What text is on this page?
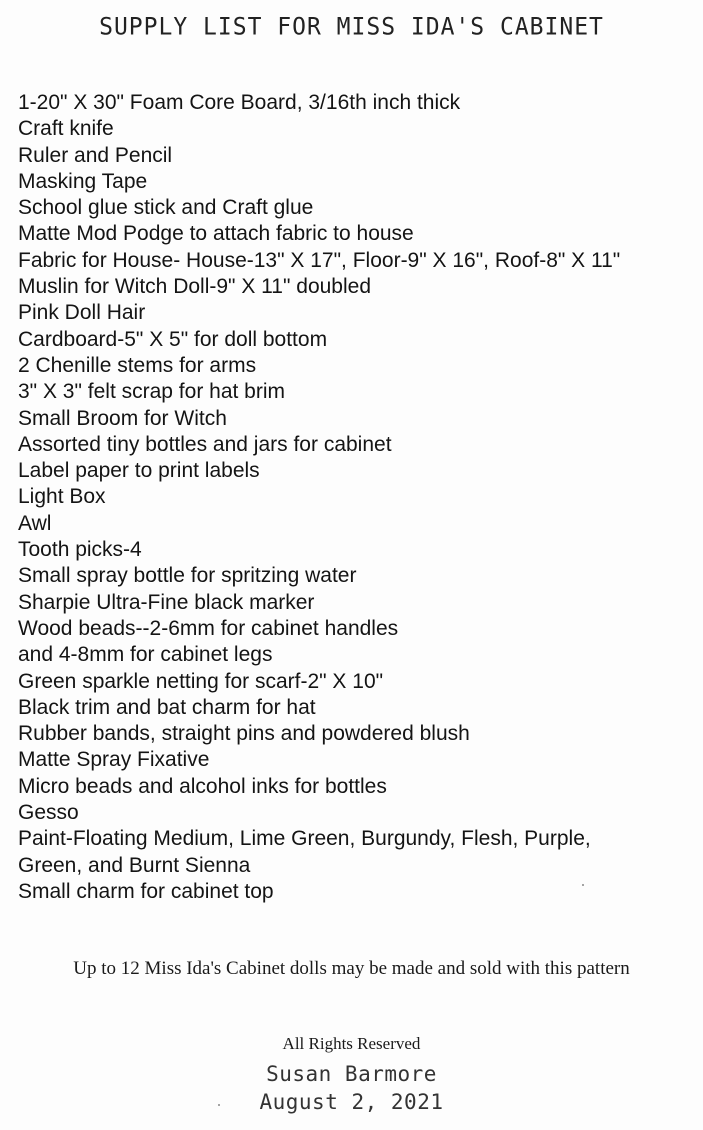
SUPPLY LIST FOR MISS IDA'S CABINET
1-20" X 30" Foam Core Board, 3/16th inch thick
Craft knife
Ruler and Pencil
Masking Tape
School glue stick and Craft glue
Matte Mod Podge to attach fabric to house
Fabric for House- House-13" X 17", Floor-9" X 16", Roof-8" X 11"
Muslin for Witch Doll-9" X 11" doubled
Pink Doll Hair
Cardboard-5" X 5" for doll bottom
2 Chenille stems for arms
3" X 3" felt scrap for hat brim
Small Broom for Witch
Assorted tiny bottles and jars for cabinet
Label paper to print labels
Light Box
Awl
Tooth picks-4
Small spray bottle for spritzing water
Sharpie Ultra-Fine black marker
Wood beads--2-6mm for cabinet handles
and 4-8mm for cabinet legs
Green sparkle netting for scarf-2" X 10"
Black trim and bat charm for hat
Rubber bands, straight pins and powdered blush
Matte Spray Fixative
Micro beads and alcohol inks for bottles
Gesso
Paint-Floating Medium, Lime Green, Burgundy, Flesh, Purple,
Green, and Burnt Sienna
Small charm for cabinet top
Up to 12 Miss Ida's Cabinet dolls may be made and sold with this pattern
All Rights Reserved
Susan Barmore
August 2, 2021
